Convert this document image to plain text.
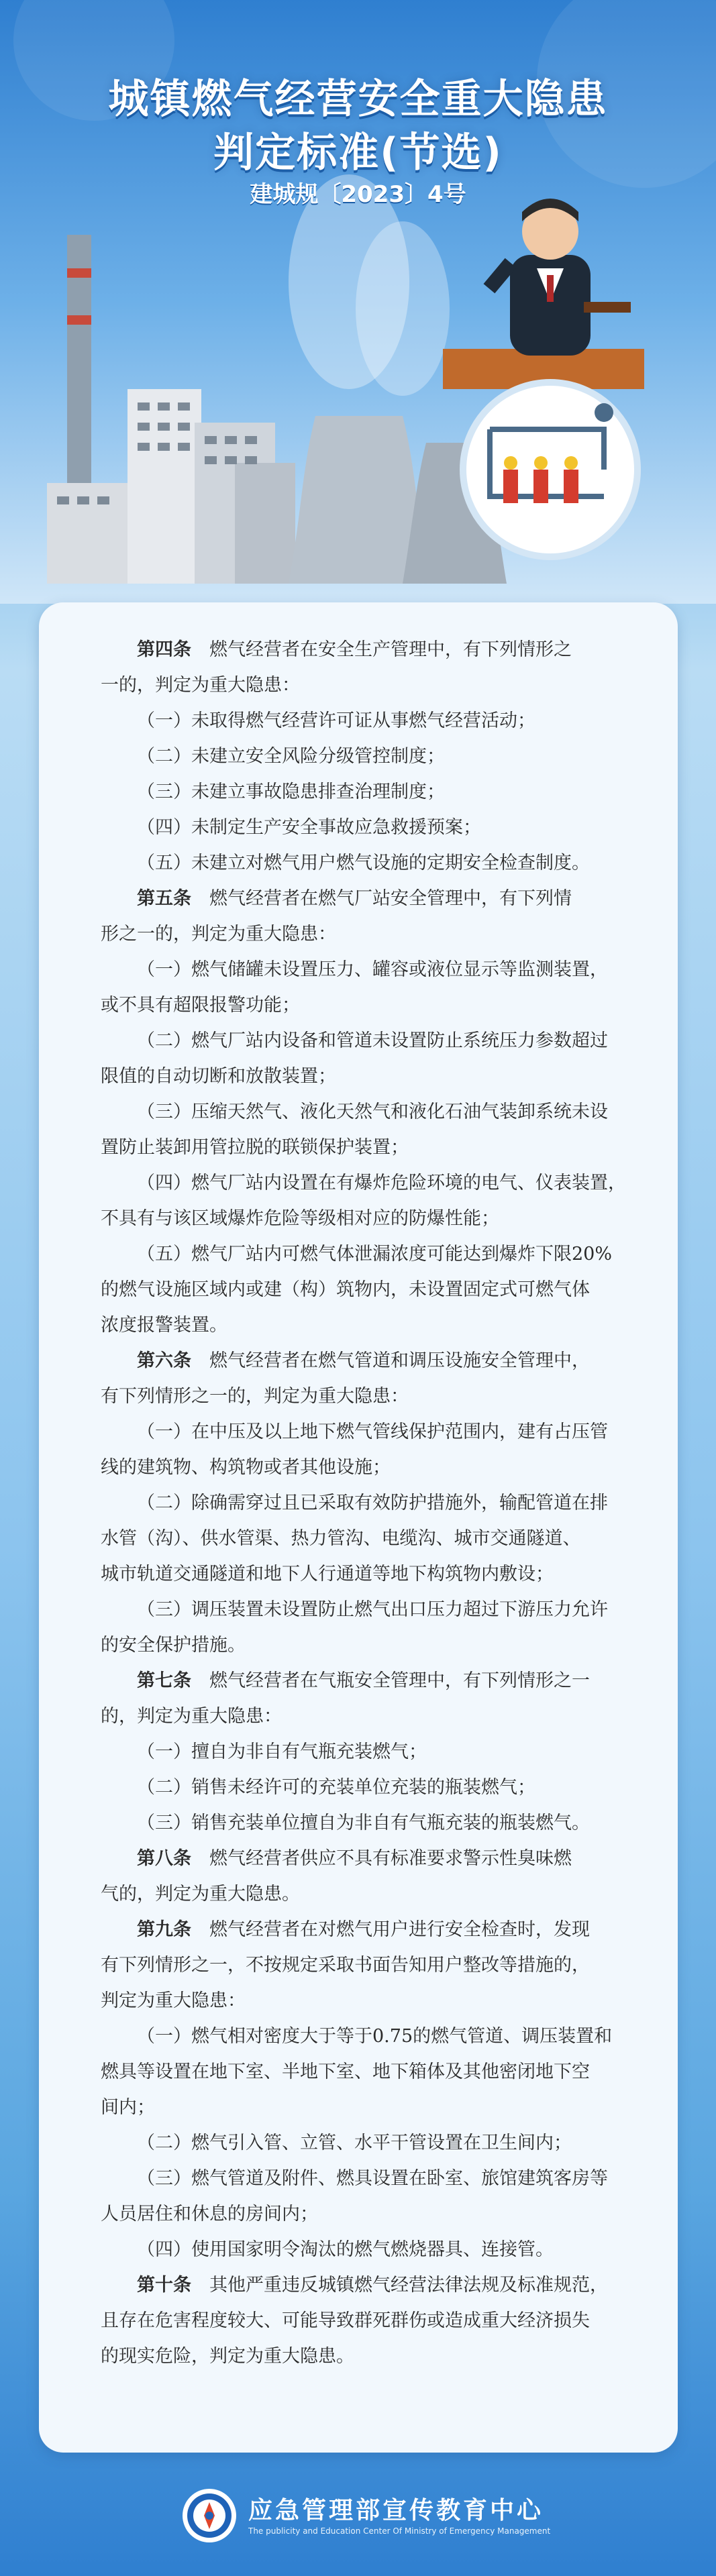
城镇燃气经营安全重大隐患
判定标准(节选)
建城规〔2023〕4号
第四条　燃气经营者在安全生产管理中，有下列情形之
一的，判定为重大隐患：
（一）未取得燃气经营许可证从事燃气经营活动；
（二）未建立安全风险分级管控制度；
（三）未建立事故隐患排查治理制度；
（四）未制定生产安全事故应急救援预案；
（五）未建立对燃气用户燃气设施的定期安全检查制度。
第五条　燃气经营者在燃气厂站安全管理中，有下列情
形之一的，判定为重大隐患：
（一）燃气储罐未设置压力、罐容或液位显示等监测装置，
或不具有超限报警功能；
（二）燃气厂站内设备和管道未设置防止系统压力参数超过
限值的自动切断和放散装置；
（三）压缩天然气、液化天然气和液化石油气装卸系统未设
置防止装卸用管拉脱的联锁保护装置；
（四）燃气厂站内设置在有爆炸危险环境的电气、仪表装置，
不具有与该区域爆炸危险等级相对应的防爆性能；
（五）燃气厂站内可燃气体泄漏浓度可能达到爆炸下限20%
的燃气设施区域内或建（构）筑物内，未设置固定式可燃气体
浓度报警装置。
第六条　燃气经营者在燃气管道和调压设施安全管理中，
有下列情形之一的，判定为重大隐患：
（一）在中压及以上地下燃气管线保护范围内，建有占压管
线的建筑物、构筑物或者其他设施；
（二）除确需穿过且已采取有效防护措施外，输配管道在排
水管（沟）、供水管渠、热力管沟、电缆沟、城市交通隧道、
城市轨道交通隧道和地下人行通道等地下构筑物内敷设；
（三）调压装置未设置防止燃气出口压力超过下游压力允许
的安全保护措施。
第七条　燃气经营者在气瓶安全管理中，有下列情形之一
的，判定为重大隐患：
（一）擅自为非自有气瓶充装燃气；
（二）销售未经许可的充装单位充装的瓶装燃气；
（三）销售充装单位擅自为非自有气瓶充装的瓶装燃气。
第八条　燃气经营者供应不具有标准要求警示性臭味燃
气的，判定为重大隐患。
第九条　燃气经营者在对燃气用户进行安全检查时，发现
有下列情形之一，不按规定采取书面告知用户整改等措施的，
判定为重大隐患：
（一）燃气相对密度大于等于0.75的燃气管道、调压装置和
燃具等设置在地下室、半地下室、地下箱体及其他密闭地下空
间内；
（二）燃气引入管、立管、水平干管设置在卫生间内；
（三）燃气管道及附件、燃具设置在卧室、旅馆建筑客房等
人员居住和休息的房间内；
（四）使用国家明令淘汰的燃气燃烧器具、连接管。
第十条　其他严重违反城镇燃气经营法律法规及标准规范，
且存在危害程度较大、可能导致群死群伤或造成重大经济损失
的现实危险，判定为重大隐患。
应急管理部宣传教育中心
The publicity and Education Center Of Ministry of Emergency Management
